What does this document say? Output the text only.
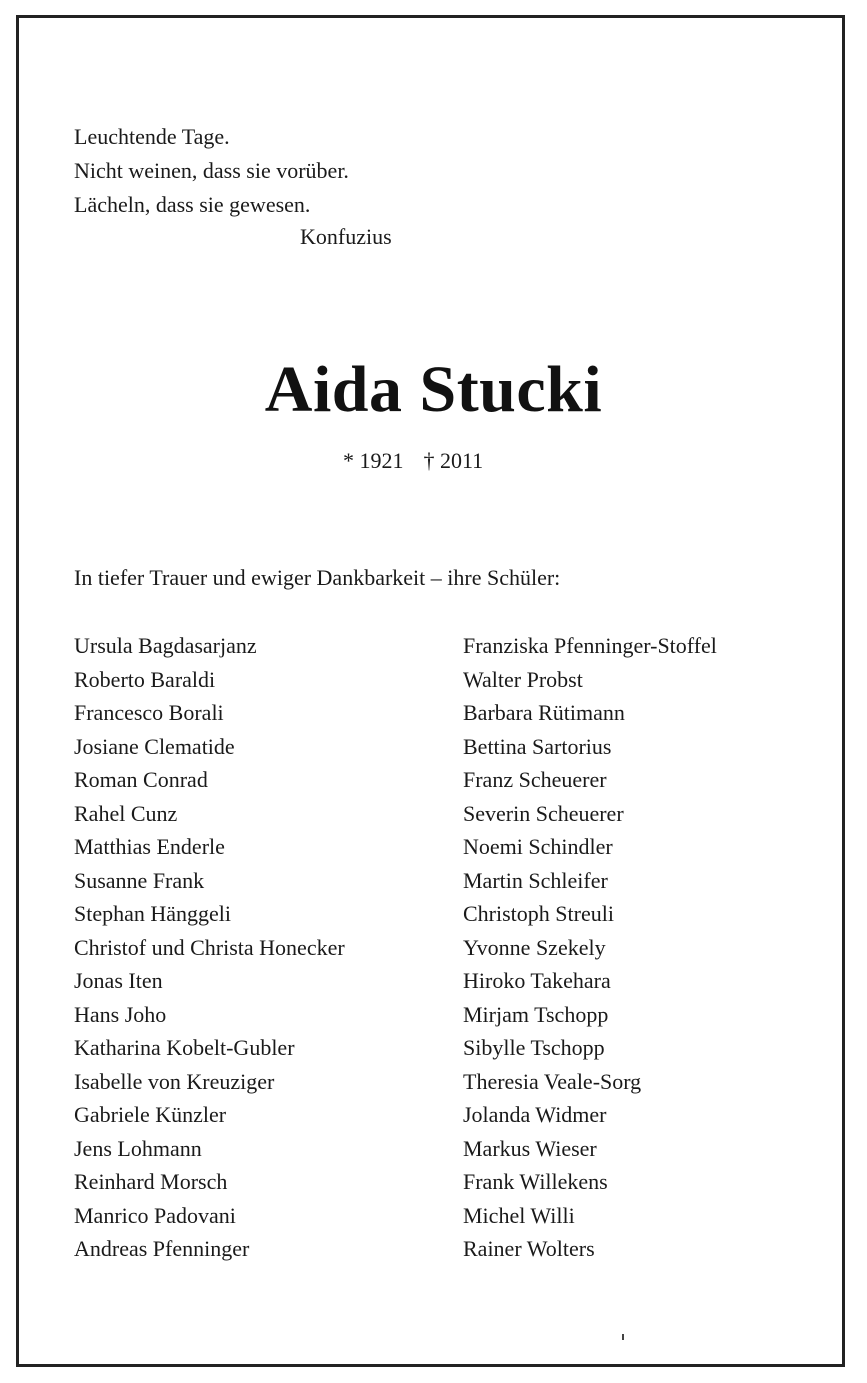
Leuchtende Tage.
Nicht weinen, dass sie vorüber.
Lächeln, dass sie gewesen.
Konfuzius
Aida Stucki
* 1921 † 2011
In tiefer Trauer und ewiger Dankbarkeit – ihre Schüler:
Ursula Bagdasarjanz
Roberto Baraldi
Francesco Borali
Josiane Clematide
Roman Conrad
Rahel Cunz
Matthias Enderle
Susanne Frank
Stephan Hänggeli
Christof und Christa Honecker
Jonas Iten
Hans Joho
Katharina Kobelt-Gubler
Isabelle von Kreuziger
Gabriele Künzler
Jens Lohmann
Reinhard Morsch
Manrico Padovani
Andreas Pfenninger
Franziska Pfenninger-Stoffel
Walter Probst
Barbara Rütimann
Bettina Sartorius
Franz Scheuerer
Severin Scheuerer
Noemi Schindler
Martin Schleifer
Christoph Streuli
Yvonne Szekely
Hiroko Takehara
Mirjam Tschopp
Sibylle Tschopp
Theresia Veale-Sorg
Jolanda Widmer
Markus Wieser
Frank Willekens
Michel Willi
Rainer Wolters
